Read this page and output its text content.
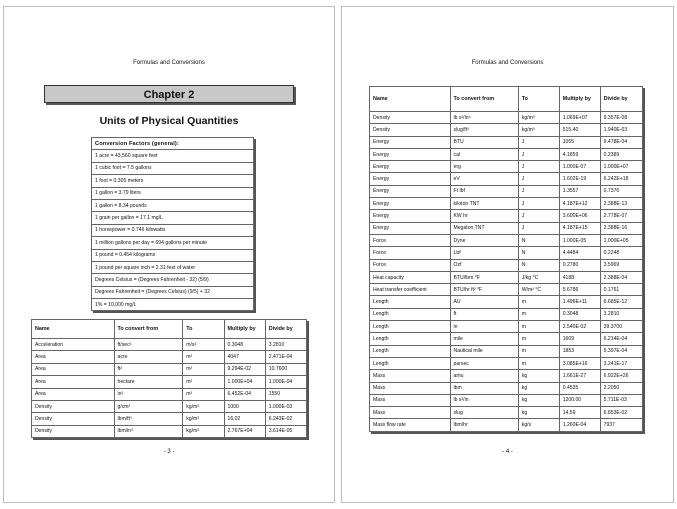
Formulas and Conversions
Chapter 2
Units of Physical Quantities
Conversion Factors (general):
1 acre = 43,560 square feet
1 cubic foot = 7.5 gallons
1 foot = 0.305 meters
1 gallon = 3.79 liters
1 gallon = 8.34 pounds
1 grain per gallon = 17.1 mg/L
1 horsepower = 0.746 kilowatts
1 million gallons per day = 694 gallons per minute
1 pound = 0.454 kilograms
1 pound per square inch = 2.31 feet of water
Degrees Celsius = (Degrees Fahrenheit - 32) (5/9)
Degrees Fahrenheit = (Degrees Celsius) (9/5) + 32
1% = 10,000 mg/L
Name	To convert from	To	Multiply by	Divide by
Acceleration	ft/sec²	m/s²	0.3048	3.2810
Area	acre	m²	4047	2.471E-04
Area	ft²	m²	9.294E-02	10.7600
Area	hectare	m²	1.000E+04	1.000E-04
Area	in²	m²	6.452E-04	1550
Density	g/cm³	kg/m³	1000	1.000E-03
Density	lbm/ft³	kg/m³	16.02	6.243E-02
Density	lbm/in³	kg/m³	2.767E+04	3.614E-05
- 3 -
Formulas and Conversions
Name	To convert from	To	Multiply by	Divide by
Density	lb s²/in⁴	kg/m³	1.069E+07	9.357E-08
Density	slug/ft³	kg/m³	515.40	1.940E-03
Energy	BTU	J	1055	9.478E-04
Energy	cal	J	4.1859	0.2389
Energy	erg	J	1.000E-07	1.000E+07
Energy	eV	J	1.602E-19	6.242E+18
Energy	Ft lbf	J	1.3557	0.7376
Energy	kiloton TNT	J	4.187E+12	2.388E-13
Energy	KW hr	J	3.600E+06	2.778E-07
Energy	Megaton TNT	J	4.187E+15	2.388E-16
Force	Dyne	N	1.000E-05	1.000E+05
Force	Lbf	N	4.4484	0.2248
Force	Ozf	N	0.2780	3.5969
Heat capacity	BTU/lbm °F	J/kg °C	4188	2.388E-04
Heat transfer coefficient	BTU/hr ft² °F	W/m² °C	5.6786	0.1761
Length	AU	m	1.496E+11	6.685E-12
Length	ft	m	0.3048	3.2810
Length	in	m	2.540E-02	39.3700
Length	mile	m	1609	6.214E-04
Length	Nautical mile	m	1853	5.397E-04
Length	parsec	m	3.085E+16	3.241E-17
Mass	amu	kg	1.661E-27	6.022E+26
Mass	lbm	kg	0.4535	2.2050
Mass	lb s²/in	kg	1200.00	5.711E-03
Mass	slug	kg	14.59	6.853E-02
Mass flow rate	lbm/hr	kg/s	1.260E-04	7937
- 4 -
